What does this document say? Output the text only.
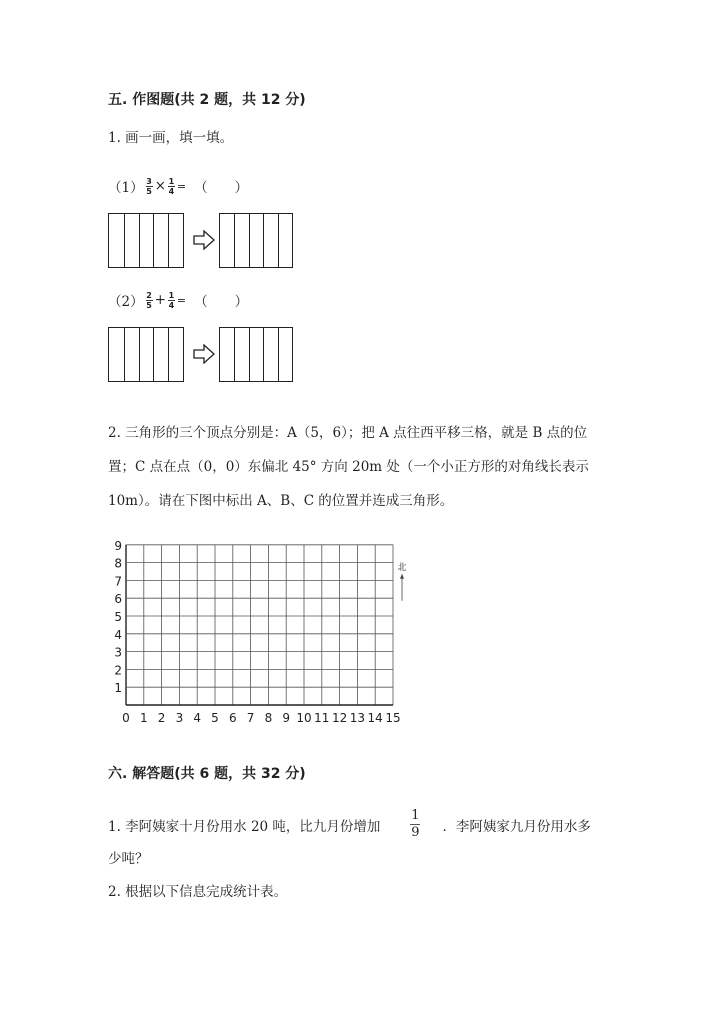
五. 作图题(共 2 题，共 12 分)
1. 画一画，填一填。
$(1) \frac{3}{5} \times \frac{1}{4}$ = （　　）
$(2) \frac{2}{5} + \frac{1}{4}$ = （　　）
2. 三角形的三个顶点分别是：A（5，6）；把 A 点往西平移三格，就是 B 点的位
置；C 点在点（0，0）东偏北 45° 方向 20m 处（一个小正方形的对角线长表示
10m）。请在下图中标出 A、B、C 的位置并连成三角形。
0 1 2 3 4 5 6 7 8 9 10 11 12 13 14 15
1
2
3
4
5
6
7
8
9
北
六. 解答题(共 6 题，共 32 分)
1. 李阿姨家十月份用水 20 吨，比九月份增加
1
9 ．李阿姨家九月份用水多
少吨？
2. 根据以下信息完成统计表。
